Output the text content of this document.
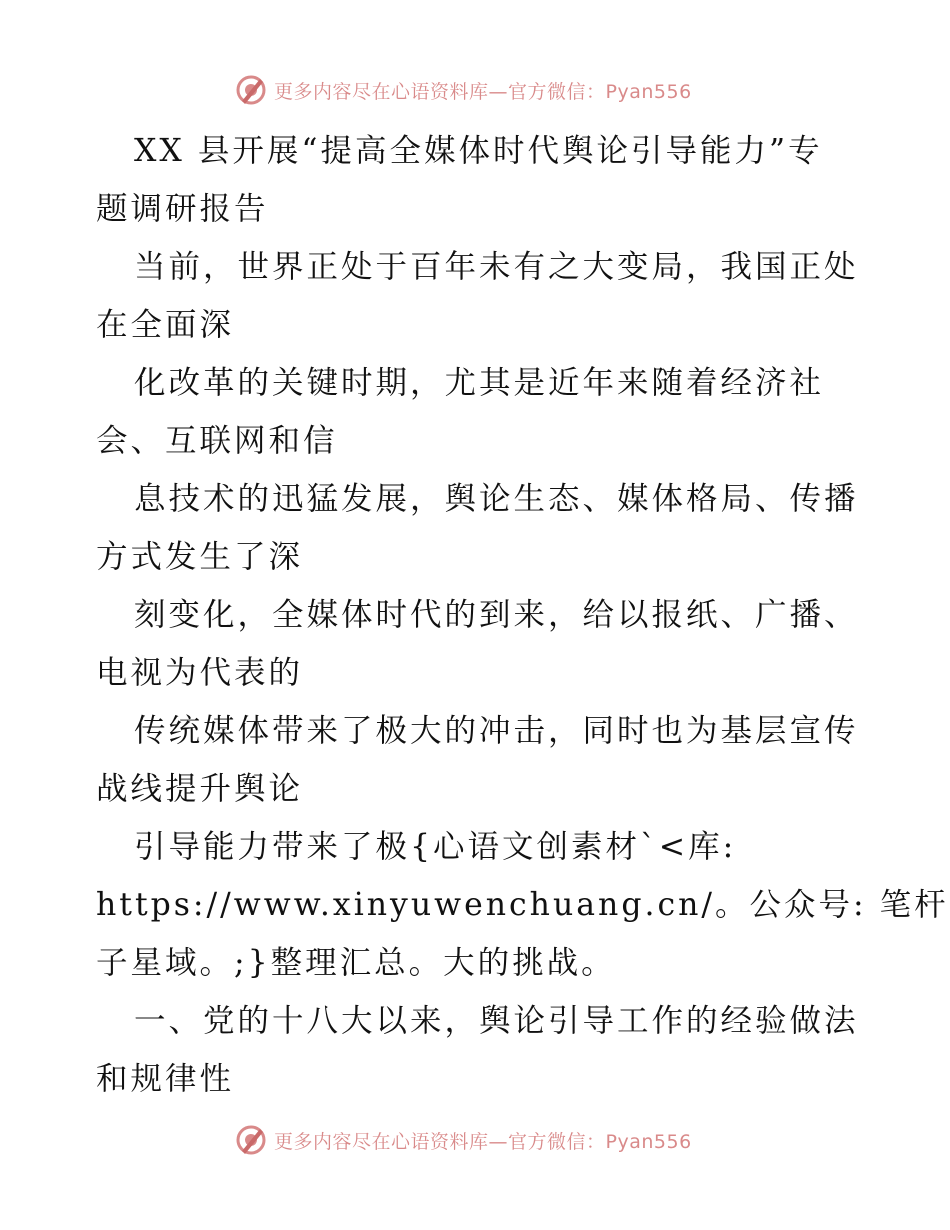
更多内容尽在心语资料库—官方微信：Pyan556
XX 县开展“提高全媒体时代舆论引导能力”专
题调研报告
当前，世界正处于百年未有之大变局，我国正处
在全面深
化改革的关键时期，尤其是近年来随着经济社
会、互联网和信
息技术的迅猛发展，舆论生态、媒体格局、传播
方式发生了深
刻变化，全媒体时代的到来，给以报纸、广播、
电视为代表的
传统媒体带来了极大的冲击，同时也为基层宣传
战线提升舆论
引导能力带来了极{心语文创素材`<库:
https://www.xinyuwenchuang.cn/。公众号: 笔杆
子星域。;}整理汇总。大的挑战。
一、党的十八大以来，舆论引导工作的经验做法
和规律性
更多内容尽在心语资料库—官方微信：Pyan556
